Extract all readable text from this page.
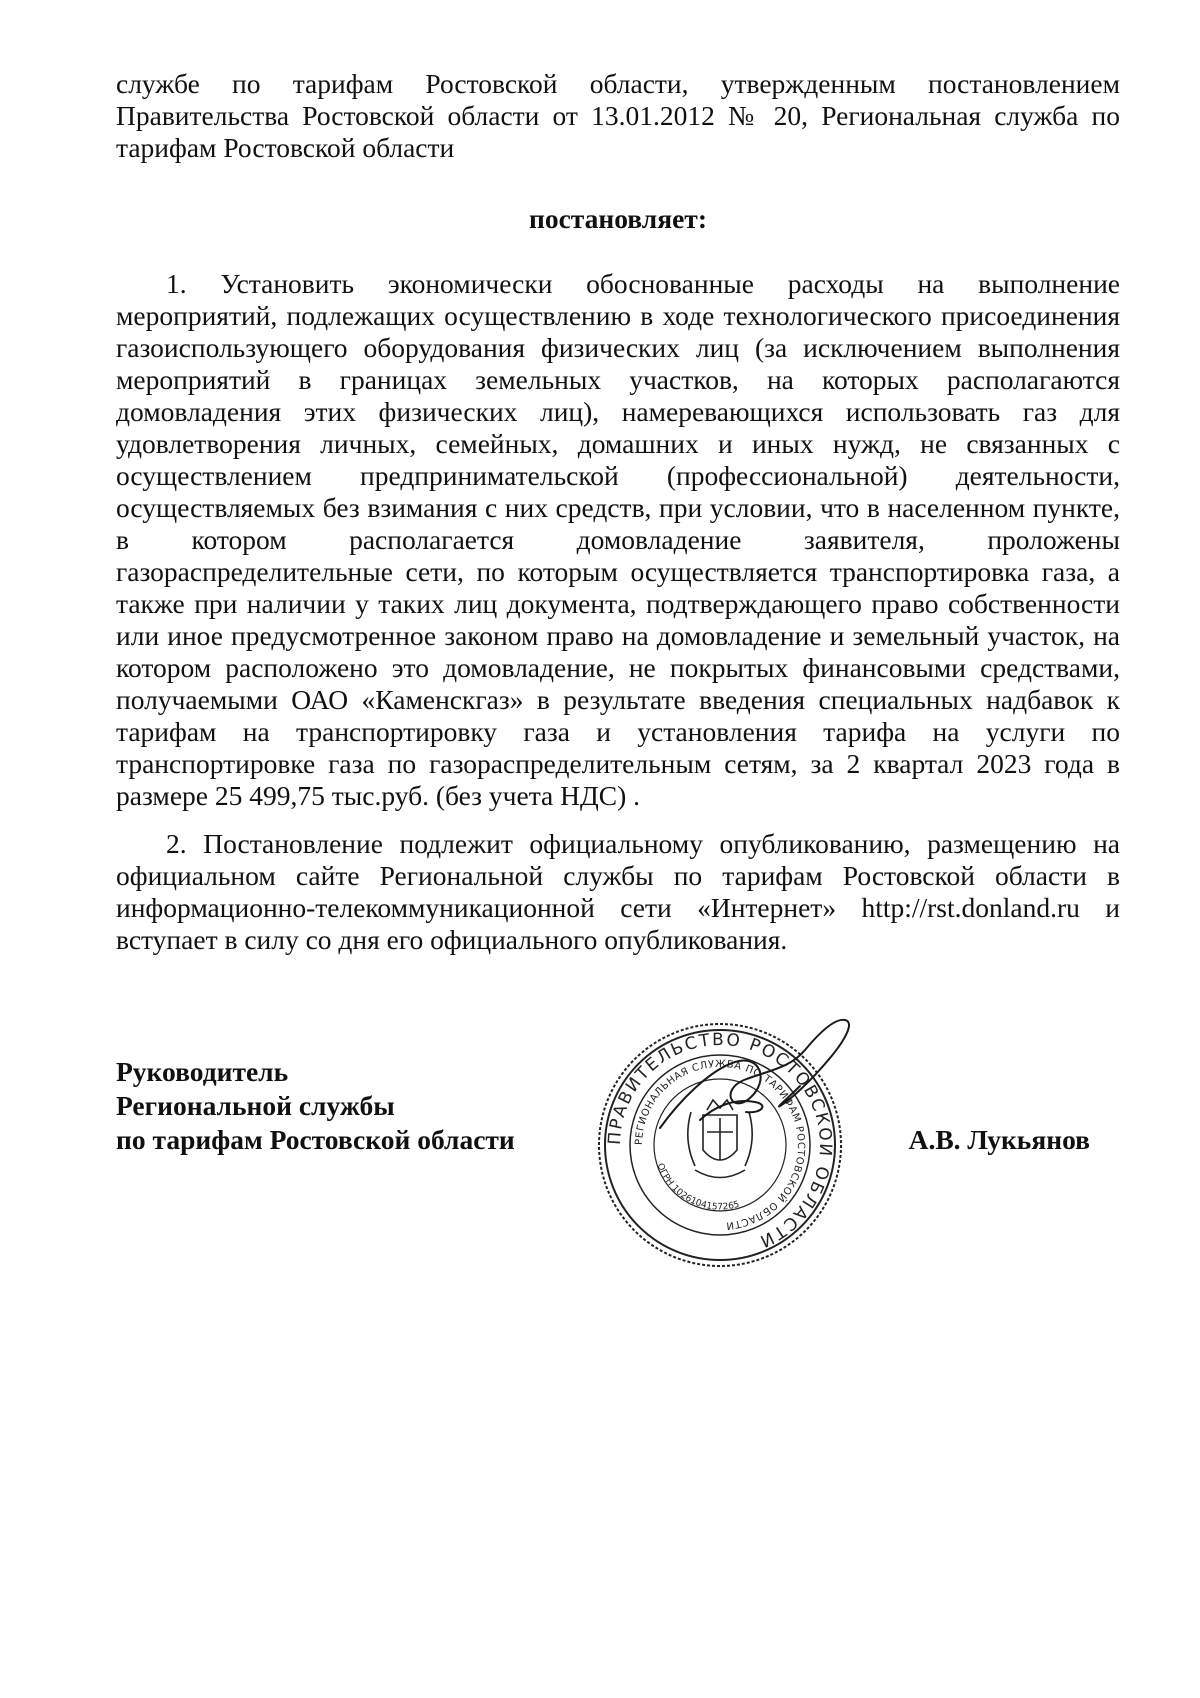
службе по тарифам Ростовской области, утвержденным постановлением Правительства Ростовской области от 13.01.2012 № 20, Региональная служба по тарифам Ростовской области

постановляет:

1. Установить экономически обоснованные расходы на выполнение мероприятий, подлежащих осуществлению в ходе технологического присоединения газоиспользующего оборудования физических лиц (за исключением выполнения мероприятий в границах земельных участков, на которых располагаются домовладения этих физических лиц), намеревающихся использовать газ для удовлетворения личных, семейных, домашних и иных нужд, не связанных с осуществлением предпринимательской (профессиональной) деятельности, осуществляемых без взимания с них средств, при условии, что в населенном пункте, в котором располагается домовладение заявителя, проложены газораспределительные сети, по которым осуществляется транспортировка газа, а также при наличии у таких лиц документа, подтверждающего право собственности или иное предусмотренное законом право на домовладение и земельный участок, на котором расположено это домовладение, не покрытых финансовыми средствами, получаемыми ОАО «Каменскгаз» в результате введения специальных надбавок к тарифам на транспортировку газа и установления тарифа на услуги по транспортировке газа по газораспределительным сетям, за 2 квартал 2023 года в размере 25 499,75 тыс.руб. (без учета НДС) .

2. Постановление подлежит официальному опубликованию, размещению на официальном сайте Региональной службы по тарифам Ростовской области в информационно-телекоммуникационной сети «Интернет» http://rst.donland.ru и вступает в силу со дня его официального опубликования.

Руководитель
Региональной службы
по тарифам Ростовской области	А.В. Лукьянов
ПРАВИТЕЛЬСТВО РОСТОВСКОЙ ОБЛАСТИ
РЕГИОНАЛЬНАЯ СЛУЖБА ПО ТАРИФАМ РОСТОВСКОЙ ОБЛАСТИ
ОГРН 1026104157265
